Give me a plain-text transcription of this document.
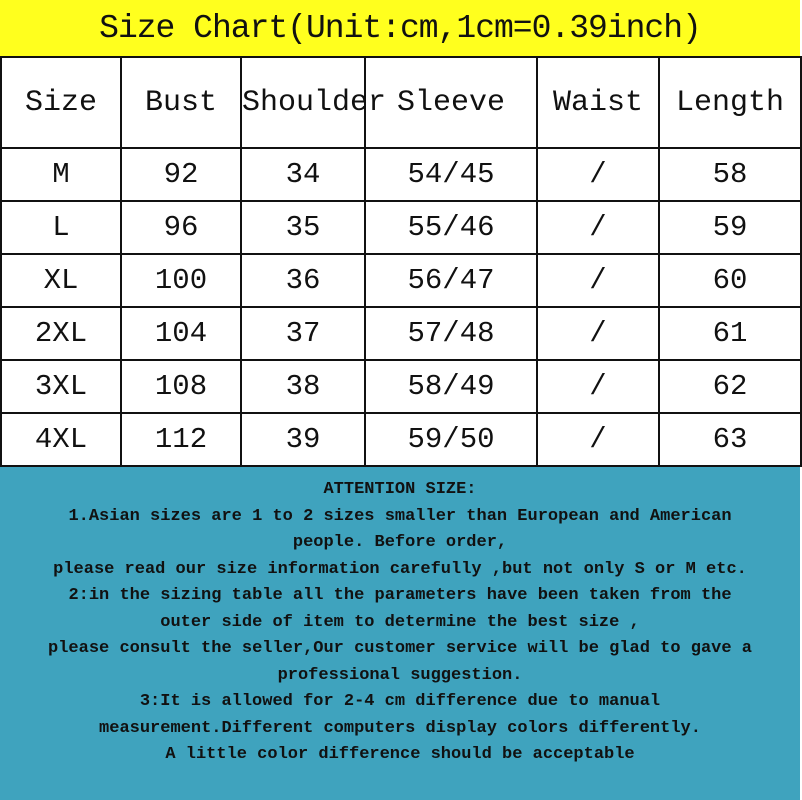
Size Chart(Unit:cm,1cm=0.39inch)
Size	Bust	Shoulder	Sleeve	Waist	Length
M	92	34	54/45	/	58
L	96	35	55/46	/	59
XL	100	36	56/47	/	60
2XL	104	37	57/48	/	61
3XL	108	38	58/49	/	62
4XL	112	39	59/50	/	63
ATTENTION SIZE:
1.Asian sizes are 1 to 2 sizes smaller than European and American
people. Before order,
please read our size information carefully ,but not only S or M etc.
2:in the sizing table all the parameters have been taken from the
outer side of item to determine the best size ,
please consult the seller,Our customer service will be glad to gave a
professional suggestion.
3:It is allowed for 2-4 cm difference due to manual
measurement.Different computers display colors differently.
A little color difference should be acceptable
